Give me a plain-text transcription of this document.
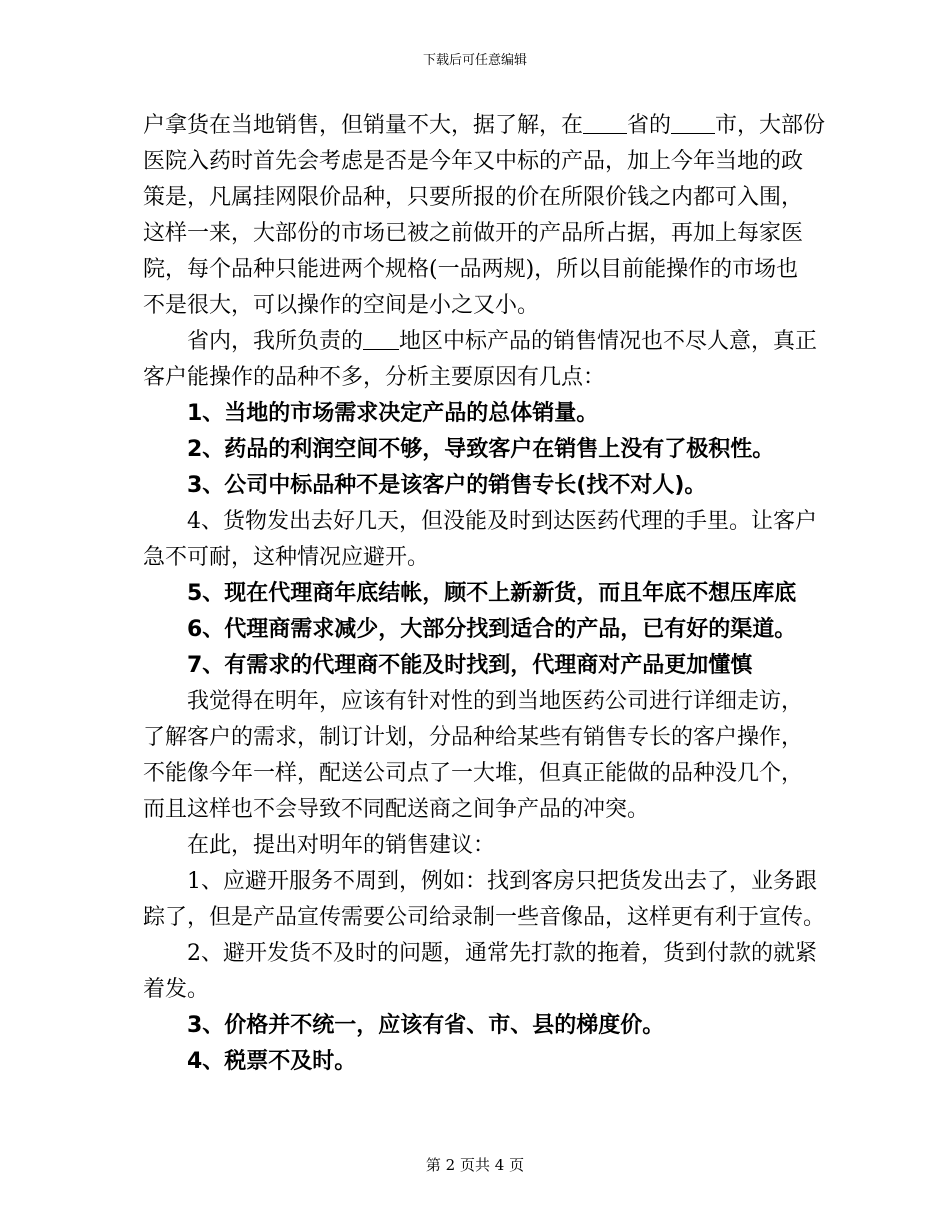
下载后可任意编辑
户拿货在当地销售，但销量不大，据了解，在 省的 市，大部份
医院入药时首先会考虑是否是今年又中标的产品，加上今年当地的政
策是，凡属挂网限价品种，只要所报的价在所限价钱之内都可入围，
这样一来，大部份的市场已被之前做开的产品所占据，再加上每家医
院，每个品种只能进两个规格(一品两规)，所以目前能操作的市场也
不是很大，可以操作的空间是小之又小。
省内，我所负责的 地区中标产品的销售情况也不尽人意，真正
客户能操作的品种不多，分析主要原因有几点：
1、当地的市场需求决定产品的总体销量。
2、药品的利润空间不够，导致客户在销售上没有了极积性。
3、公司中标品种不是该客户的销售专长(找不对人)。
4、货物发出去好几天，但没能及时到达医药代理的手里。让客户
急不可耐，这种情况应避开。
5、现在代理商年底结帐，顾不上新新货，而且年底不想压库底
6、代理商需求减少，大部分找到适合的产品，已有好的渠道。
7、有需求的代理商不能及时找到，代理商对产品更加懂慎
我觉得在明年，应该有针对性的到当地医药公司进行详细走访，
了解客户的需求，制订计划，分品种给某些有销售专长的客户操作，
不能像今年一样，配送公司点了一大堆，但真正能做的品种没几个，
而且这样也不会导致不同配送商之间争产品的冲突。
在此，提出对明年的销售建议：
1、应避开服务不周到，例如：找到客房只把货发出去了，业务跟
踪了，但是产品宣传需要公司给录制一些音像品，这样更有利于宣传。
2、避开发货不及时的问题，通常先打款的拖着，货到付款的就紧
着发。
3、价格并不统一，应该有省、市、县的梯度价。
4、税票不及时。
第 2 页共 4 页
